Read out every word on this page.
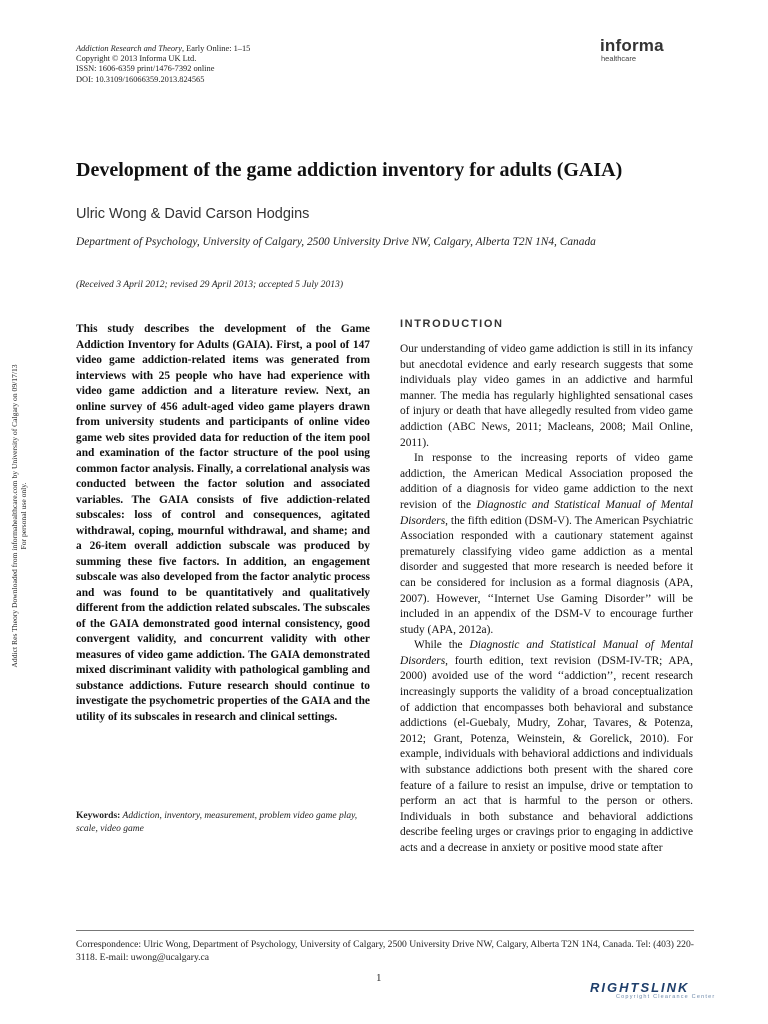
Addiction Research and Theory, Early Online: 1–15
Copyright © 2013 Informa UK Ltd.
ISSN: 1606-6359 print/1476-7392 online
DOI: 10.3109/16066359.2013.824565
informa
healthcare
Development of the game addiction inventory for adults (GAIA)
Ulric Wong & David Carson Hodgins
Department of Psychology, University of Calgary, 2500 University Drive NW, Calgary, Alberta T2N 1N4, Canada
(Received 3 April 2012; revised 29 April 2013; accepted 5 July 2013)
Addict Res Theory Downloaded from informahealthcare.com by University of Calgary on 09/17/13 For personal use only.
This study describes the development of the Game Addiction Inventory for Adults (GAIA). First, a pool of 147 video game addiction-related items was generated from interviews with 25 people who have had experience with video game addiction and a literature review. Next, an online survey of 456 adult-aged video game players drawn from university students and participants of online video game web sites provided data for reduction of the item pool and examination of the factor structure of the pool using common factor analysis. Finally, a correlational analysis was conducted between the factor solution and associated variables. The GAIA consists of five addiction-related subscales: loss of control and consequences, agitated withdrawal, coping, mournful withdrawal, and shame; and a 26-item overall addiction subscale was produced by summing these five factors. In addition, an engagement subscale was also developed from the factor analytic process and was found to be quantitatively and qualitatively different from the addiction related subscales. The subscales of the GAIA demonstrated good internal consistency, good convergent validity, and concurrent validity with other measures of video game addiction. The GAIA demonstrated mixed discriminant validity with pathological gambling and substance addictions. Future research should continue to investigate the psychometric properties of the GAIA and the utility of its subscales in research and clinical settings.
Keywords: Addiction, inventory, measurement, problem video game play, scale, video game
INTRODUCTION

Our understanding of video game addiction is still in its infancy but anecdotal evidence and early research suggests that some individuals play video games in an addictive and harmful manner. The media has regularly highlighted sensational cases of injury or death that have allegedly resulted from video game addiction (ABC News, 2011; Macleans, 2008; Mail Online, 2011).

In response to the increasing reports of video game addiction, the American Medical Association proposed the addition of a diagnosis for video game addiction to the next revision of the Diagnostic and Statistical Manual of Mental Disorders, the fifth edition (DSM-V). The American Psychiatric Association responded with a cautionary statement against prematurely classifying video game addiction as a mental disorder and suggested that more research is needed before it can be considered for inclusion as a formal diagnosis (APA, 2007). However, ‘‘Internet Use Gaming Disorder’’ will be included in an appendix of the DSM-V to encourage further study (APA, 2012a).

While the Diagnostic and Statistical Manual of Mental Disorders, fourth edition, text revision (DSM-IV-TR; APA, 2000) avoided use of the word ‘‘addiction’’, recent research increasingly supports the validity of a broad conceptualization of addiction that encompasses both behavioral and substance addictions (el-Guebaly, Mudry, Zohar, Tavares, & Potenza, 2012; Grant, Potenza, Weinstein, & Gorelick, 2010). For example, individuals with behavioral addictions and individuals with substance addictions both present with the shared core feature of a failure to resist an impulse, drive or temptation to perform an act that is harmful to the person or others. Individuals in both substance and behavioral addictions describe feeling urges or cravings prior to engaging in addictive acts and a decrease in anxiety or positive mood state after

Correspondence: Ulric Wong, Department of Psychology, University of Calgary, 2500 University Drive NW, Calgary, Alberta T2N 1N4, Canada. Tel: (403) 220-3118. E-mail: uwong@ucalgary.ca
1
RIGHTSLINK
Copyright Clearance Center
